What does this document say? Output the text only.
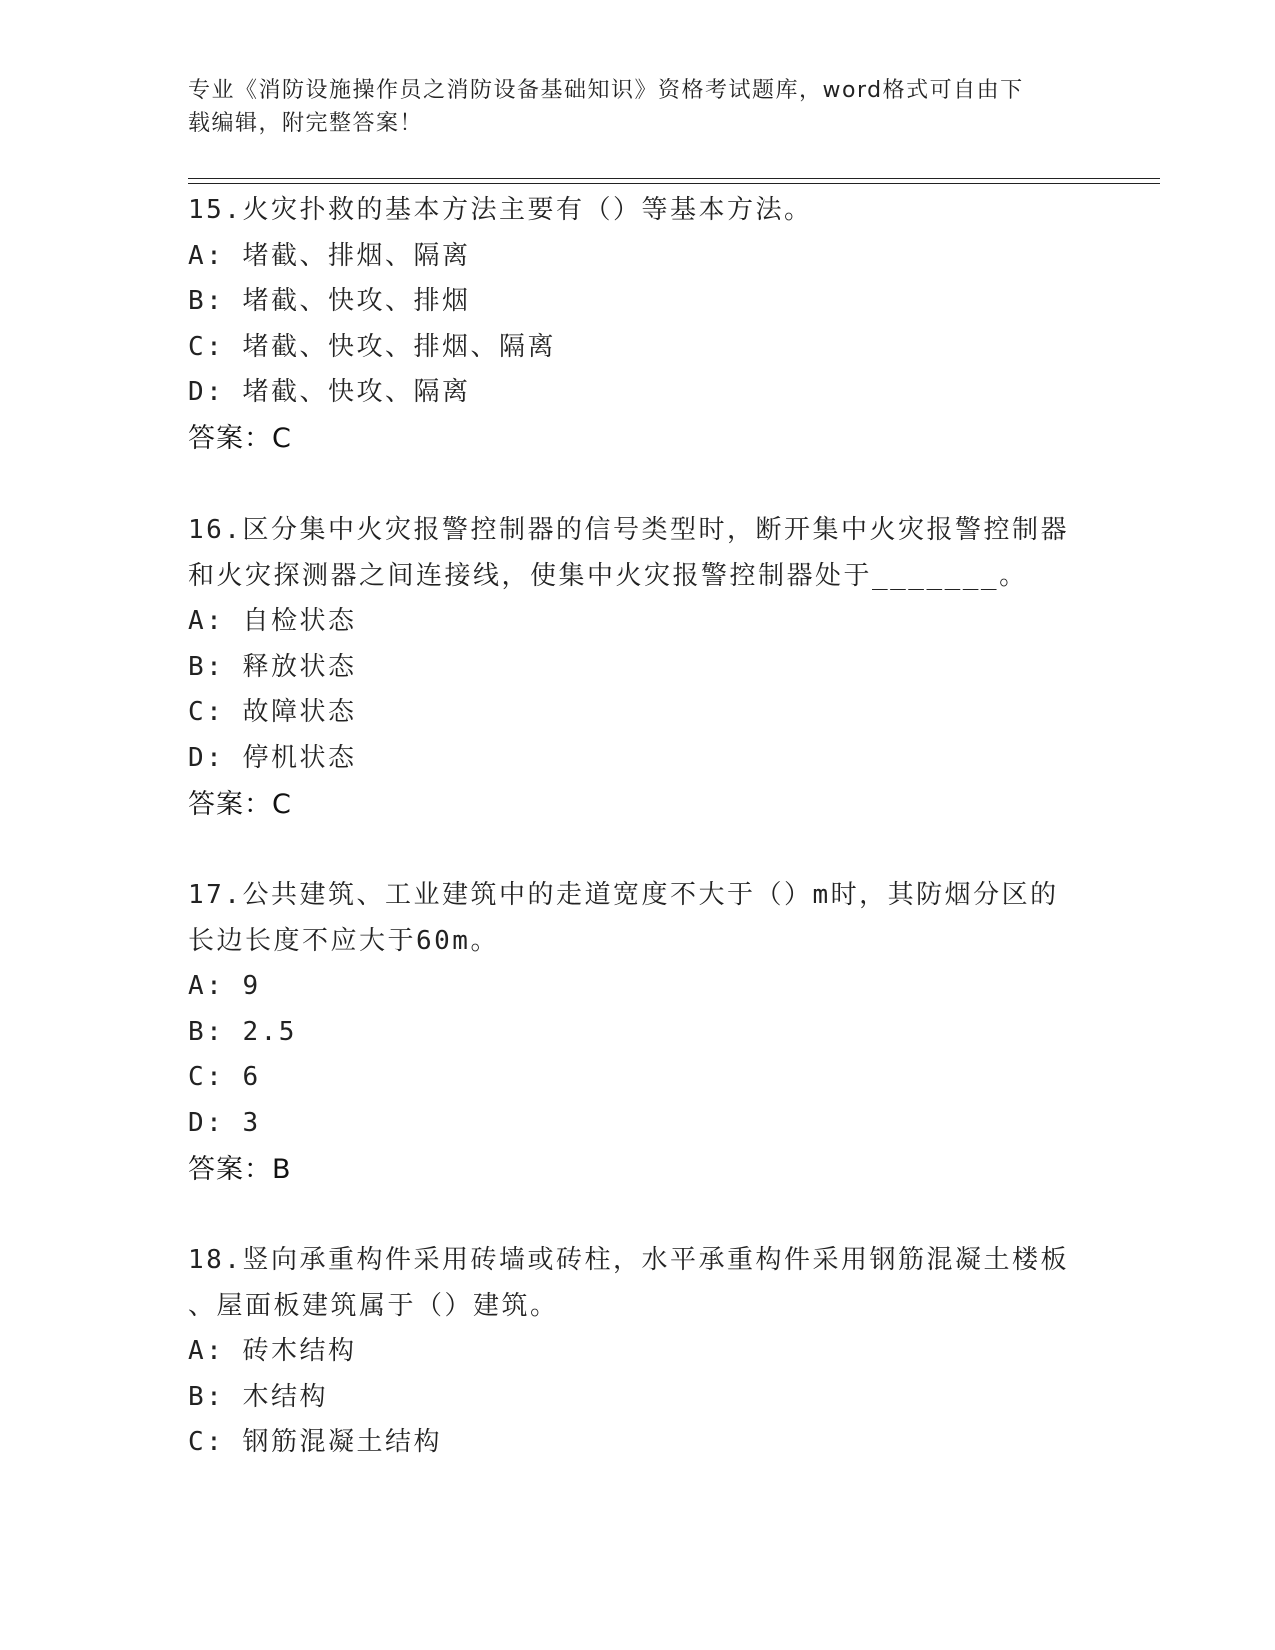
专业《消防设施操作员之消防设备基础知识》资格考试题库，word格式可自由下
载编辑，附完整答案！
15.火灾扑救的基本方法主要有（）等基本方法。
A: 堵截、排烟、隔离
B: 堵截、快攻、排烟
C: 堵截、快攻、排烟、隔离
D: 堵截、快攻、隔离
答案：C
16.区分集中火灾报警控制器的信号类型时，断开集中火灾报警控制器
和火灾探测器之间连接线，使集中火灾报警控制器处于_______。
A: 自检状态
B: 释放状态
C: 故障状态
D: 停机状态
答案：C
17.公共建筑、工业建筑中的走道宽度不大于（）m时，其防烟分区的
长边长度不应大于60m。
A: 9
B: 2.5
C: 6
D: 3
答案：B
18.竖向承重构件采用砖墙或砖柱，水平承重构件采用钢筋混凝土楼板
、屋面板建筑属于（）建筑。
A: 砖木结构
B: 木结构
C: 钢筋混凝土结构
